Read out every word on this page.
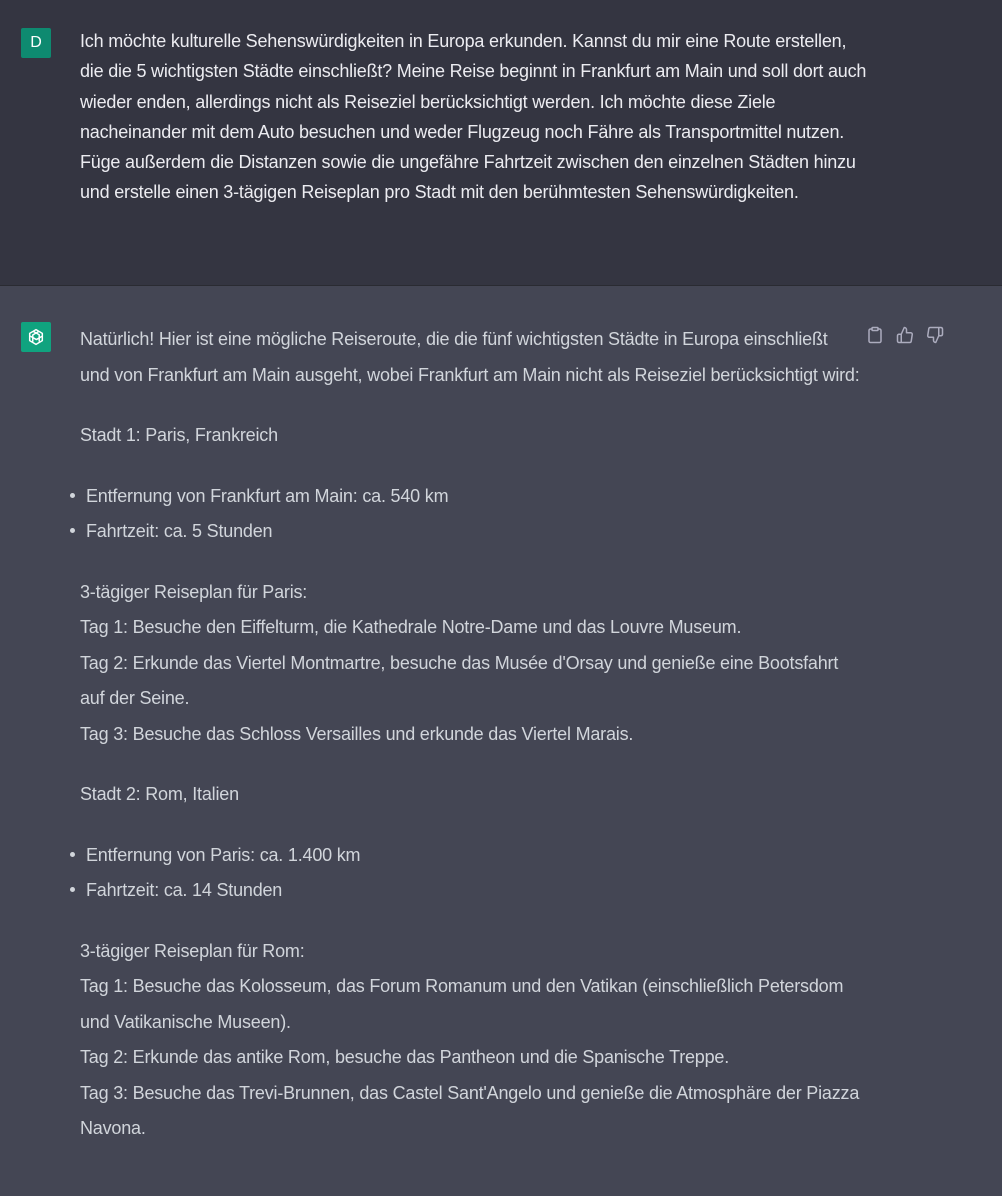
D Ich möchte kulturelle Sehenswürdigkeiten in Europa erkunden. Kannst du mir eine Route erstellen, die die 5 wichtigsten Städte einschließt? Meine Reise beginnt in Frankfurt am Main und soll dort auch wieder enden, allerdings nicht als Reiseziel berücksichtigt werden. Ich möchte diese Ziele nacheinander mit dem Auto besuchen und weder Flugzeug noch Fähre als Transportmittel nutzen. Füge außerdem die Distanzen sowie die ungefähre Fahrtzeit zwischen den einzelnen Städten hinzu und erstelle einen 3-tägigen Reiseplan pro Stadt mit den berühmtesten Sehenswürdigkeiten.

Natürlich! Hier ist eine mögliche Reiseroute, die die fünf wichtigsten Städte in Europa einschließt und von Frankfurt am Main ausgeht, wobei Frankfurt am Main nicht als Reiseziel berücksichtigt wird:

Stadt 1: Paris, Frankreich

Entfernung von Frankfurt am Main: ca. 540 km
Fahrtzeit: ca. 5 Stunden

3-tägiger Reiseplan für Paris:

Tag 1: Besuche den Eiffelturm, die Kathedrale Notre-Dame und das Louvre Museum.

Tag 2: Erkunde das Viertel Montmartre, besuche das Musée d'Orsay und genieße eine Bootsfahrt auf der Seine.

Tag 3: Besuche das Schloss Versailles und erkunde das Viertel Marais.

Stadt 2: Rom, Italien

Entfernung von Paris: ca. 1.400 km
Fahrtzeit: ca. 14 Stunden

3-tägiger Reiseplan für Rom:

Tag 1: Besuche das Kolosseum, das Forum Romanum und den Vatikan (einschließlich Petersdom und Vatikanische Museen).

Tag 2: Erkunde das antike Rom, besuche das Pantheon und die Spanische Treppe.

Tag 3: Besuche das Trevi-Brunnen, das Castel Sant'Angelo und genieße die Atmosphäre der Piazza Navona.
